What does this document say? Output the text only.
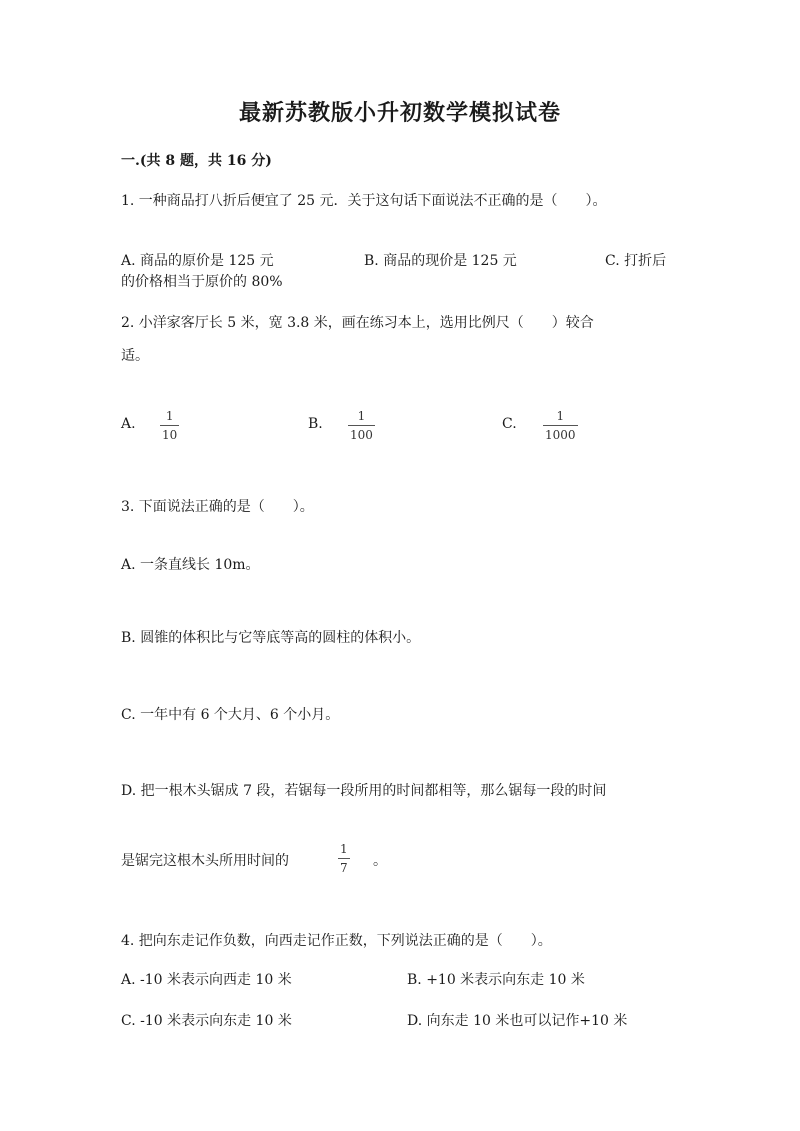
最新苏教版小升初数学模拟试卷
一.(共 8 题，共 16 分)
1. 一种商品打八折后便宜了 25 元．关于这句话下面说法不正确的是（　　）。
A. 商品的原价是 125 元	B. 商品的现价是 125 元	C. 打折后
的价格相当于原价的 80%
2. 小洋家客厅长 5 米，宽 3.8 米，画在练习本上，选用比例尺（　　）较合
适。
A.	1
10
B.	1
100
C.	1
1000
3. 下面说法正确的是（　　）。
A. 一条直线长 10m。
B. 圆锥的体积比与它等底等高的圆柱的体积小。
C. 一年中有 6 个大月、6 个小月。
D. 把一根木头锯成 7 段，若锯每一段所用的时间都相等，那么锯每一段的时间
是锯完这根木头所用时间的
1
7 。
4. 把向东走记作负数，向西走记作正数，下列说法正确的是（　　）。
A. -10 米表示向西走 10 米	B. +10 米表示向东走 10 米
C. -10 米表示向东走 10 米	D. 向东走 10 米也可以记作+10 米
